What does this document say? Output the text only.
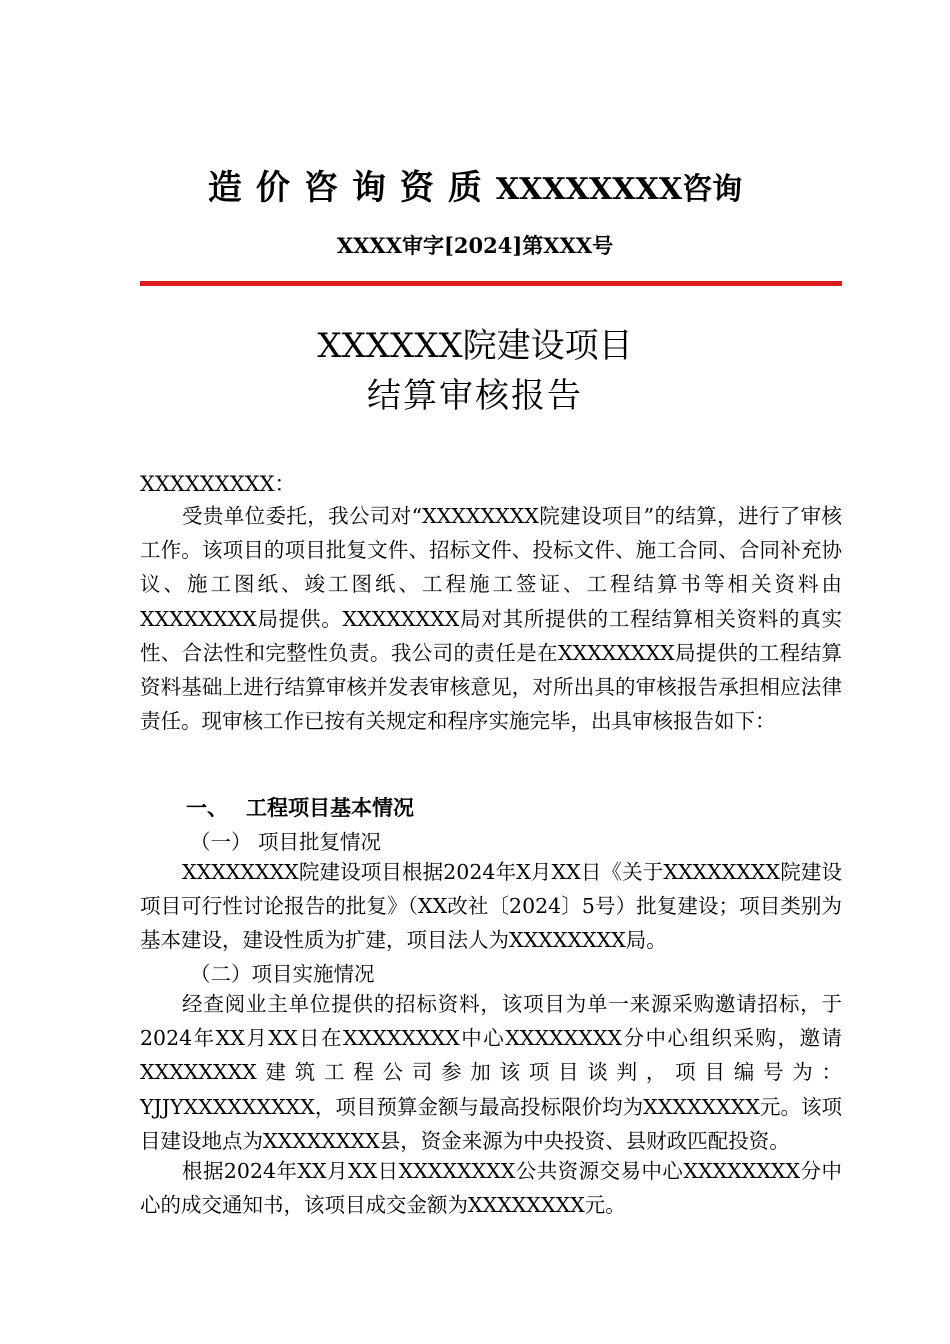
造价咨询资质XXXXXXXX咨询
XXXX审字[2024]第XXX号
XXXXXX院建设项目
结算审核报告
XXXXXXXXX：

受贵单位委托，我公司对“XXXXXXXX院建设项目”的结算，进行了审核工作。该项目的项目批复文件、招标文件、投标文件、施工合同、合同补充协议、施工图纸、竣工图纸、工程施工签证、工程结算书等相关资料由XXXXXXXX局提供。XXXXXXXX局对其所提供的工程结算相关资料的真实性、合法性和完整性负责。我公司的责任是在XXXXXXXX局提供的工程结算资料基础上进行结算审核并发表审核意见，对所出具的审核报告承担相应法律责任。现审核工作已按有关规定和程序实施完毕，出具审核报告如下：

一、 工程项目基本情况
（一） 项目批复情况

XXXXXXXX院建设项目根据2024年X月XX日《关于XXXXXXXX院建设项目可行性讨论报告的批复》（XX改社〔2024〕5号）批复建设；项目类别为基本建设，建设性质为扩建，项目法人为XXXXXXXX局。

（二）项目实施情况

经查阅业主单位提供的招标资料，该项目为单一来源采购邀请招标，于2024年XX月XX日在XXXXXXXX中心XXXXXXXX分中心组织采购，邀请XXXXXXXX建筑工程公司参加该项目谈判，项目编号为：YJJYXXXXXXXXX，项目预算金额与最高投标限价均为XXXXXXXX元。该项目建设地点为XXXXXXXX县，资金来源为中央投资、县财政匹配投资。

根据2024年XX月XX日XXXXXXXX公共资源交易中心XXXXXXXX分中心的成交通知书，该项目成交金额为XXXXXXXX元。
